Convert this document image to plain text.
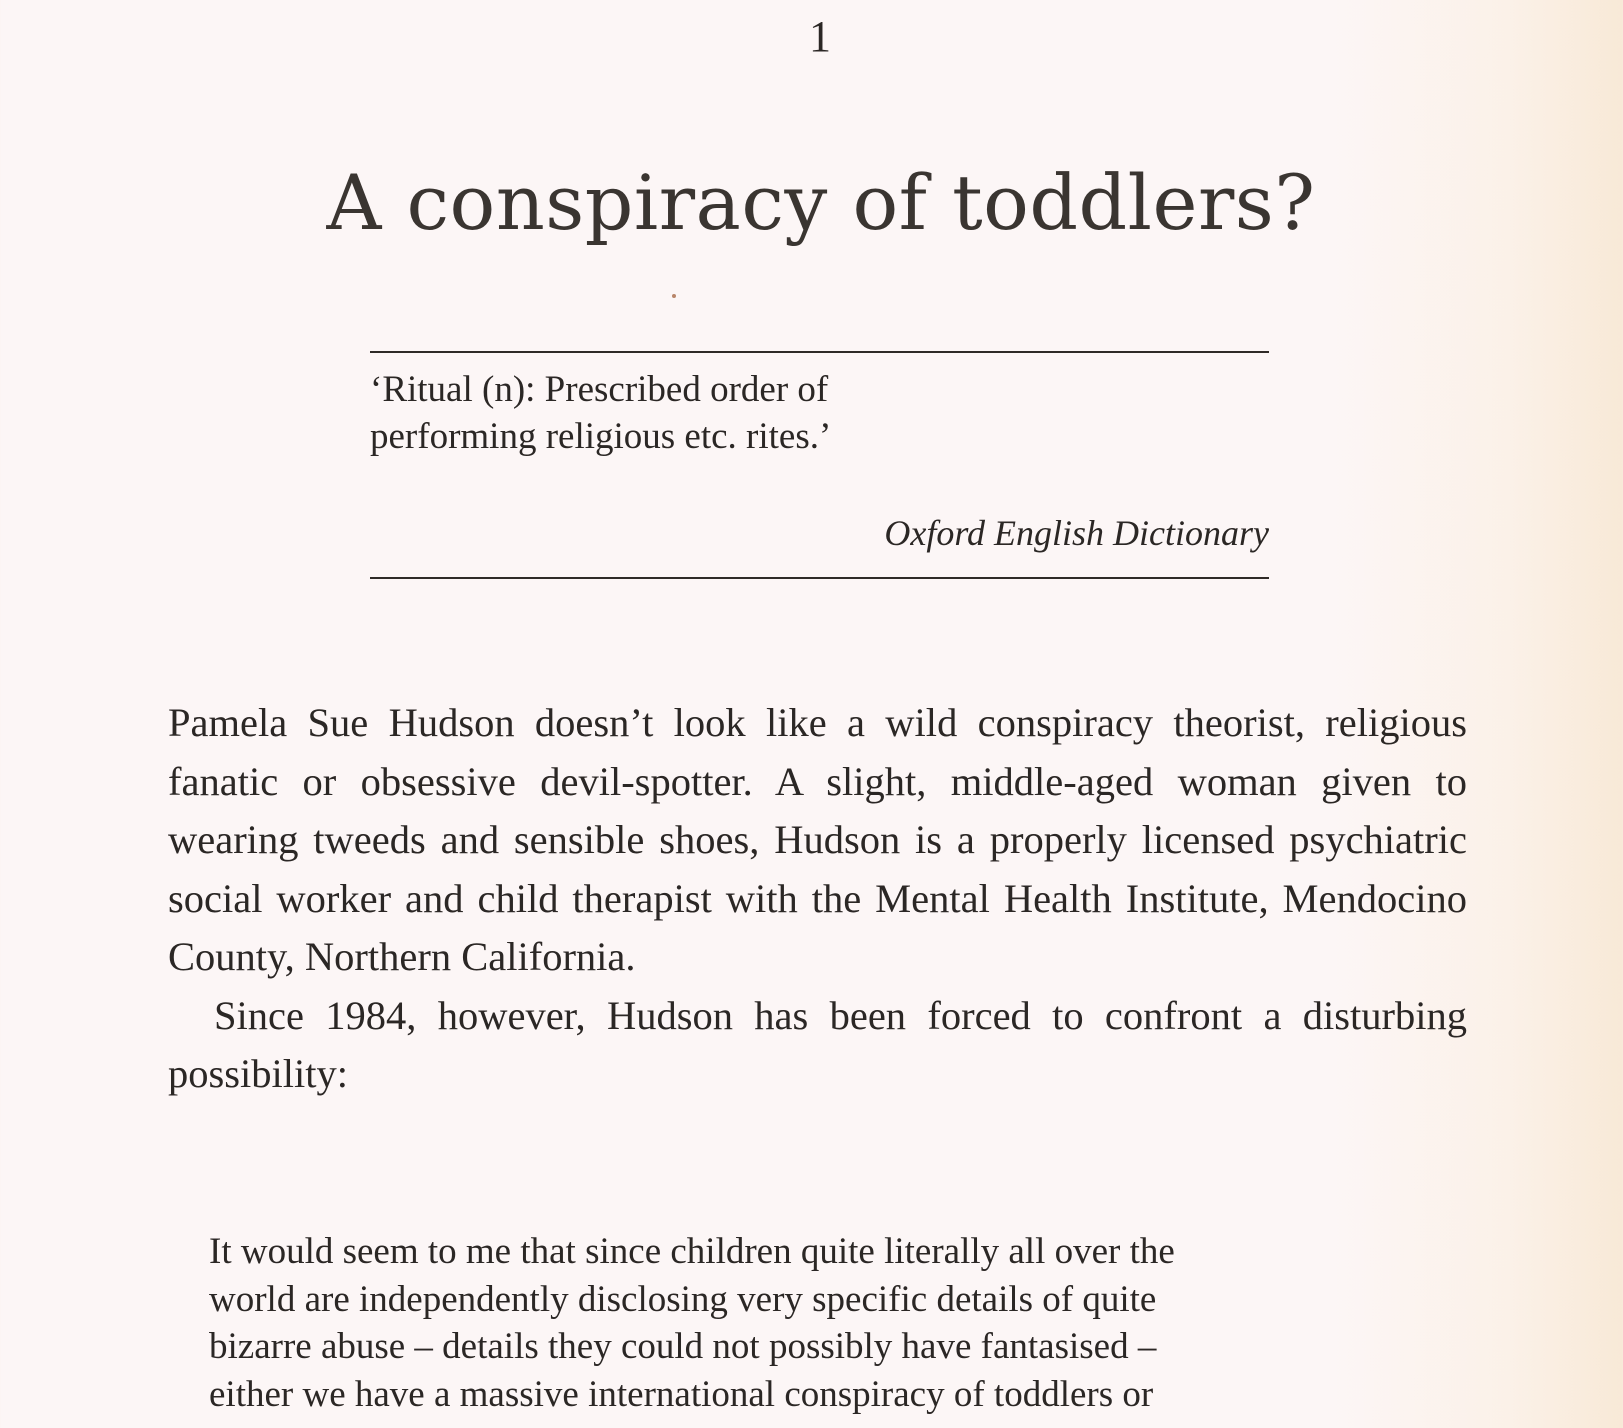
1
A conspiracy of toddlers?
‘Ritual (n): Prescribed order of
performing religious etc. rites.’
Oxford English Dictionary

Pamela Sue Hudson doesn’t look like a wild conspiracy theorist, religious fanatic or obsessive devil-spotter. A slight, middle-aged woman given to wearing tweeds and sensible shoes, Hudson is a properly licensed psychiatric social worker and child therapist with the Mental Health Institute, Mendocino County, Northern California.

Since 1984, however, Hudson has been forced to confront a disturbing possibility:

It would seem to me that since children quite literally all over the
world are independently disclosing very specific details of quite
bizarre abuse – details they could not possibly have fantasised –
either we have a massive international conspiracy of toddlers or
